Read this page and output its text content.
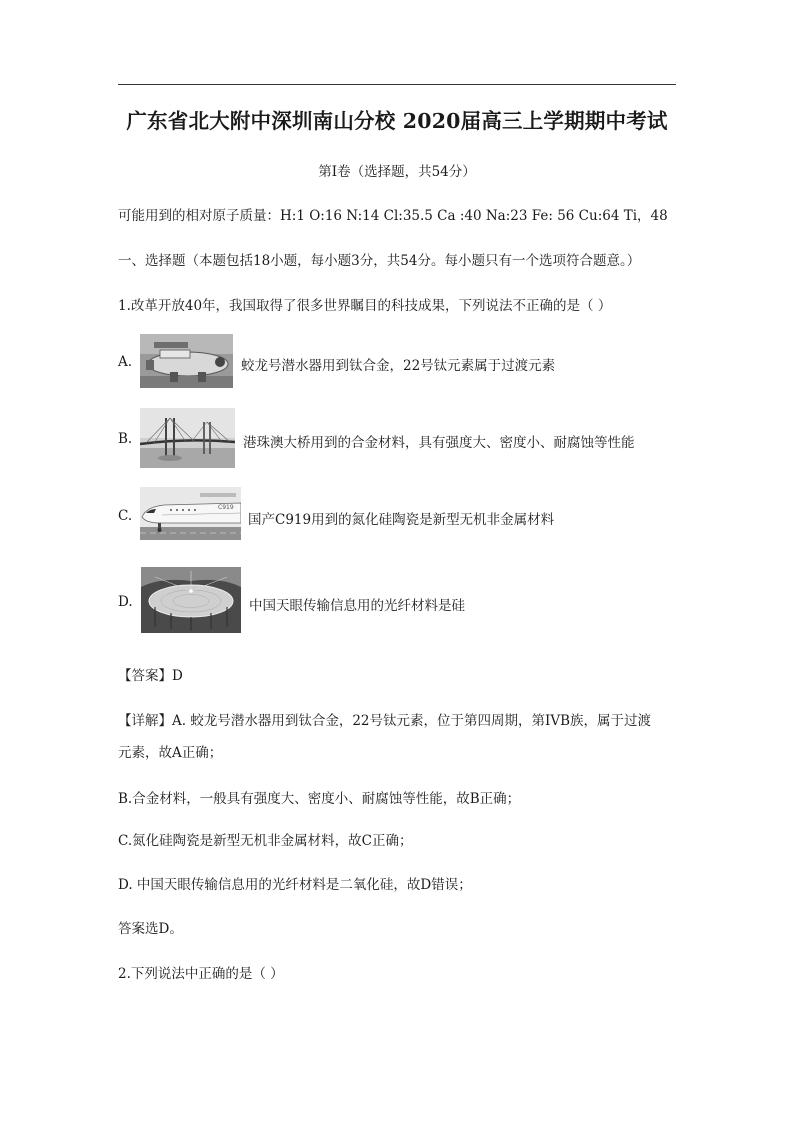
广东省北大附中深圳南山分校 2020届高三上学期期中考试
第Ⅰ卷（选择题，共54分）
可能用到的相对原子质量：H:1 O:16 N:14 Cl:35.5 Ca :40 Na:23 Fe: 56 Cu:64 Ti，48
一、选择题（本题包括18小题，每小题3分，共54分。每小题只有一个选项符合题意。）
1.改革开放40年，我国取得了很多世界瞩目的科技成果，下列说法不正确的是（ ）
A.	蛟龙号潜水器用到钛合金，22号钛元素属于过渡元素
B.	港珠澳大桥用到的合金材料，具有强度大、密度小、耐腐蚀等性能
C.
C919
国产C919用到的氮化硅陶瓷是新型无机非金属材料
D.	中国天眼传输信息用的光纤材料是硅
【答案】D
【详解】A. 蛟龙号潜水器用到钛合金，22号钛元素，位于第四周期，第IVB族，属于过渡
元素，故A正确；
B.合金材料，一般具有强度大、密度小、耐腐蚀等性能，故B正确；
C.氮化硅陶瓷是新型无机非金属材料，故C正确；
D. 中国天眼传输信息用的光纤材料是二氧化硅，故D错误；
答案选D。
2.下列说法中正确的是（ ）
